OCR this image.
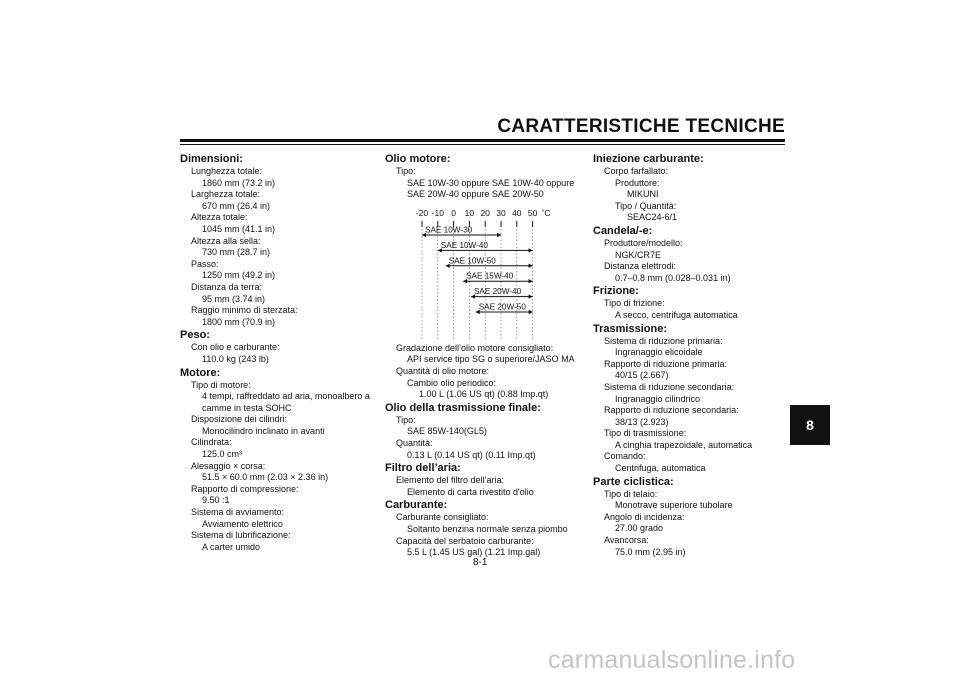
CARATTERISTICHE TECNICHE
8
8-1
Dimensioni:
Lunghezza totale:
1860 mm (73.2 in)
Larghezza totale:
670 mm (26.4 in)
Altezza totale:
1045 mm (41.1 in)
Altezza alla sella:
730 mm (28.7 in)
Passo:
1250 mm (49.2 in)
Distanza da terra:
95 mm (3.74 in)
Raggio minimo di sterzata:
1800 mm (70.9 in)
Peso:
Con olio e carburante:
110.0 kg (243 lb)
Motore:
Tipo di motore:
4 tempi, raffreddato ad aria, monoalbero a
camme in testa SOHC
Disposizione dei cilindri:
Monocilindro inclinato in avanti
Cilindrata:
125.0 cm³
Alesaggio × corsa:
51.5 × 60.0 mm (2.03 × 2.36 in)
Rapporto di compressione:
9.50 :1
Sistema di avviamento:
Avviamento elettrico
Sistema di lubrificazione:
A carter umido
Olio motore:
Tipo:
SAE 10W-30 oppure SAE 10W-40 oppure
SAE 20W-40 oppure SAE 20W-50
-20 -10 0 10 20 30 40 50 ˚C
SAE 10W-30
SAE 10W-40
SAE 10W-50
SAE 15W-40
SAE 20W-40
SAE 20W-50
Gradazione dell’olio motore consigliato:
API service tipo SG o superiore/JASO MA
Quantità di olio motore:
Cambio olio periodico:
1.00 L (1.06 US qt) (0.88 Imp.qt)
Olio della trasmissione finale:
Tipo:
SAE 85W-140(GL5)
Quantità:
0.13 L (0.14 US qt) (0.11 Imp.qt)
Filtro dell’aria:
Elemento del filtro dell’aria:
Elemento di carta rivestito d'olio
Carburante:
Carburante consigliato:
Soltanto benzina normale senza piombo
Capacità del serbatoio carburante:
5.5 L (1.45 US gal) (1.21 Imp.gal)
Iniezione carburante:
Corpo farfallato:
Produttore:
MIKUNI
Tipo / Quantità:
SEAC24-6/1
Candela/-e:
Produttore/modello:
NGK/CR7E
Distanza elettrodi:
0.7–0.8 mm (0.028–0.031 in)
Frizione:
Tipo di frizione:
A secco, centrifuga automatica
Trasmissione:
Sistema di riduzione primaria:
Ingranaggio elicoidale
Rapporto di riduzione primaria:
40/15 (2.667)
Sistema di riduzione secondaria:
Ingranaggio cilindrico
Rapporto di riduzione secondaria:
38/13 (2.923)
Tipo di trasmissione:
A cinghia trapezoidale, automatica
Comando:
Centrifuga, automatica
Parte ciclistica:
Tipo di telaio:
Monotrave superiore tubolare
Angolo di incidenza:
27.00 grado
Avancorsa:
75.0 mm (2.95 in)
carmanualsonline.info
